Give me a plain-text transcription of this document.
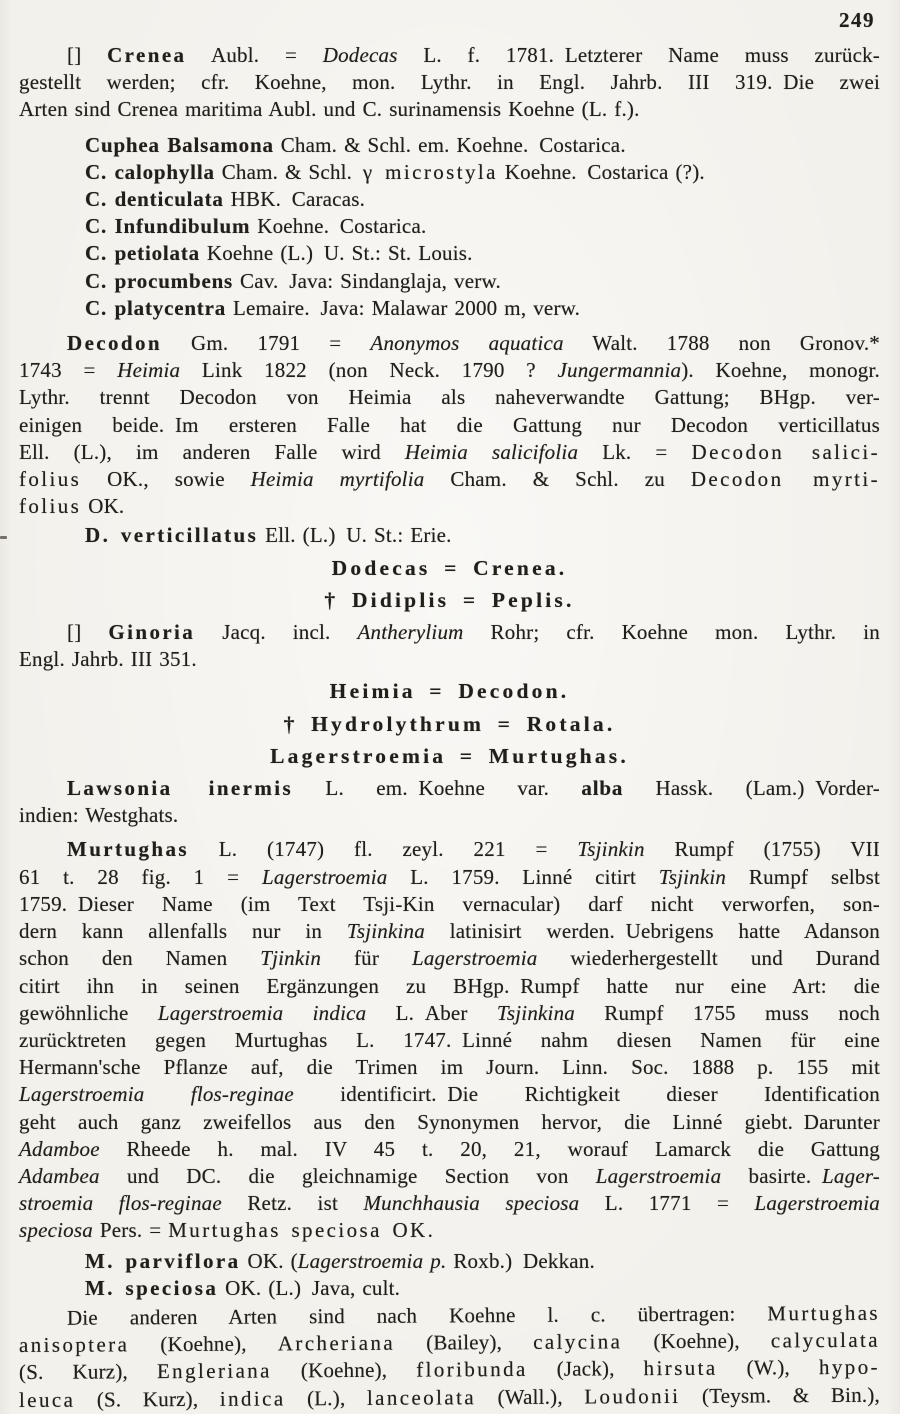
249
[] Crenea Aubl. = Dodecas L. f. 1781. Letzterer Name muss zurück-
gestellt werden; cfr. Koehne, mon. Lythr. in Engl. Jahrb. III 319. Die zwei
Arten sind Crenea maritima Aubl. und C. surinamensis Koehne (L. f.).
Cuphea Balsamona Cham. & Schl. em. Koehne. Costarica.
C. calophylla Cham. & Schl. γ microstyla Koehne. Costarica (?).
C. denticulata HBK. Caracas.
C. Infundibulum Koehne. Costarica.
C. petiolata Koehne (L.) U. St.: St. Louis.
C. procumbens Cav. Java: Sindanglaja, verw.
C. platycentra Lemaire. Java: Malawar 2000 m, verw.
Decodon Gm. 1791 = Anonymos aquatica Walt. 1788 non Gronov.*
1743 = Heimia Link 1822 (non Neck. 1790 ? Jungermannia). Koehne, monogr.
Lythr. trennt Decodon von Heimia als naheverwandte Gattung; BHgp. ver-
einigen beide. Im ersteren Falle hat die Gattung nur Decodon verticillatus
Ell. (L.), im anderen Falle wird Heimia salicifolia Lk. = Decodon salici-
folius OK., sowie Heimia myrtifolia Cham. & Schl. zu Decodon myrti-
folius OK.
D. verticillatus Ell. (L.) U. St.: Erie.
Dodecas = Crenea.
† Didiplis = Peplis.
[] Ginoria Jacq. incl. Antherylium Rohr; cfr. Koehne mon. Lythr. in
Engl. Jahrb. III 351.
Heimia = Decodon.
† Hydrolythrum = Rotala.
Lagerstroemia = Murtughas.
Lawsonia inermis L. em. Koehne var. alba Hassk. (Lam.) Vorder-
indien: Westghats.
Murtughas L. (1747) fl. zeyl. 221 = Tsjinkin Rumpf (1755) VII
61 t. 28 fig. 1 = Lagerstroemia L. 1759. Linné citirt Tsjinkin Rumpf selbst
1759. Dieser Name (im Text Tsji-Kin vernacular) darf nicht verworfen, son-
dern kann allenfalls nur in Tsjinkina latinisirt werden. Uebrigens hatte Adanson
schon den Namen Tjinkin für Lagerstroemia wiederhergestellt und Durand
citirt ihn in seinen Ergänzungen zu BHgp. Rumpf hatte nur eine Art: die
gewöhnliche Lagerstroemia indica L. Aber Tsjinkina Rumpf 1755 muss noch
zurücktreten gegen Murtughas L. 1747. Linné nahm diesen Namen für eine
Hermann'sche Pflanze auf, die Trimen im Journ. Linn. Soc. 1888 p. 155 mit
Lagerstroemia flos-reginae identificirt. Die Richtigkeit dieser Identification
geht auch ganz zweifellos aus den Synonymen hervor, die Linné giebt. Darunter
Adamboe Rheede h. mal. IV 45 t. 20, 21, worauf Lamarck die Gattung
Adambea und DC. die gleichnamige Section von Lagerstroemia basirte. Lager-
stroemia flos-reginae Retz. ist Munchhausia speciosa L. 1771 = Lagerstroemia
speciosa Pers. = Murtughas speciosa OK.
M. parviflora OK. (Lagerstroemia p. Roxb.) Dekkan.
M. speciosa OK. (L.) Java, cult.
Die anderen Arten sind nach Koehne l. c. übertragen: Murtughas
anisoptera (Koehne), Archeriana (Bailey), calycina (Koehne), calyculata
(S. Kurz), Engleriana (Koehne), floribunda (Jack), hirsuta (W.), hypo-
leuca (S. Kurz), indica (L.), lanceolata (Wall.), Loudonii (Teysm. & Bin.),
